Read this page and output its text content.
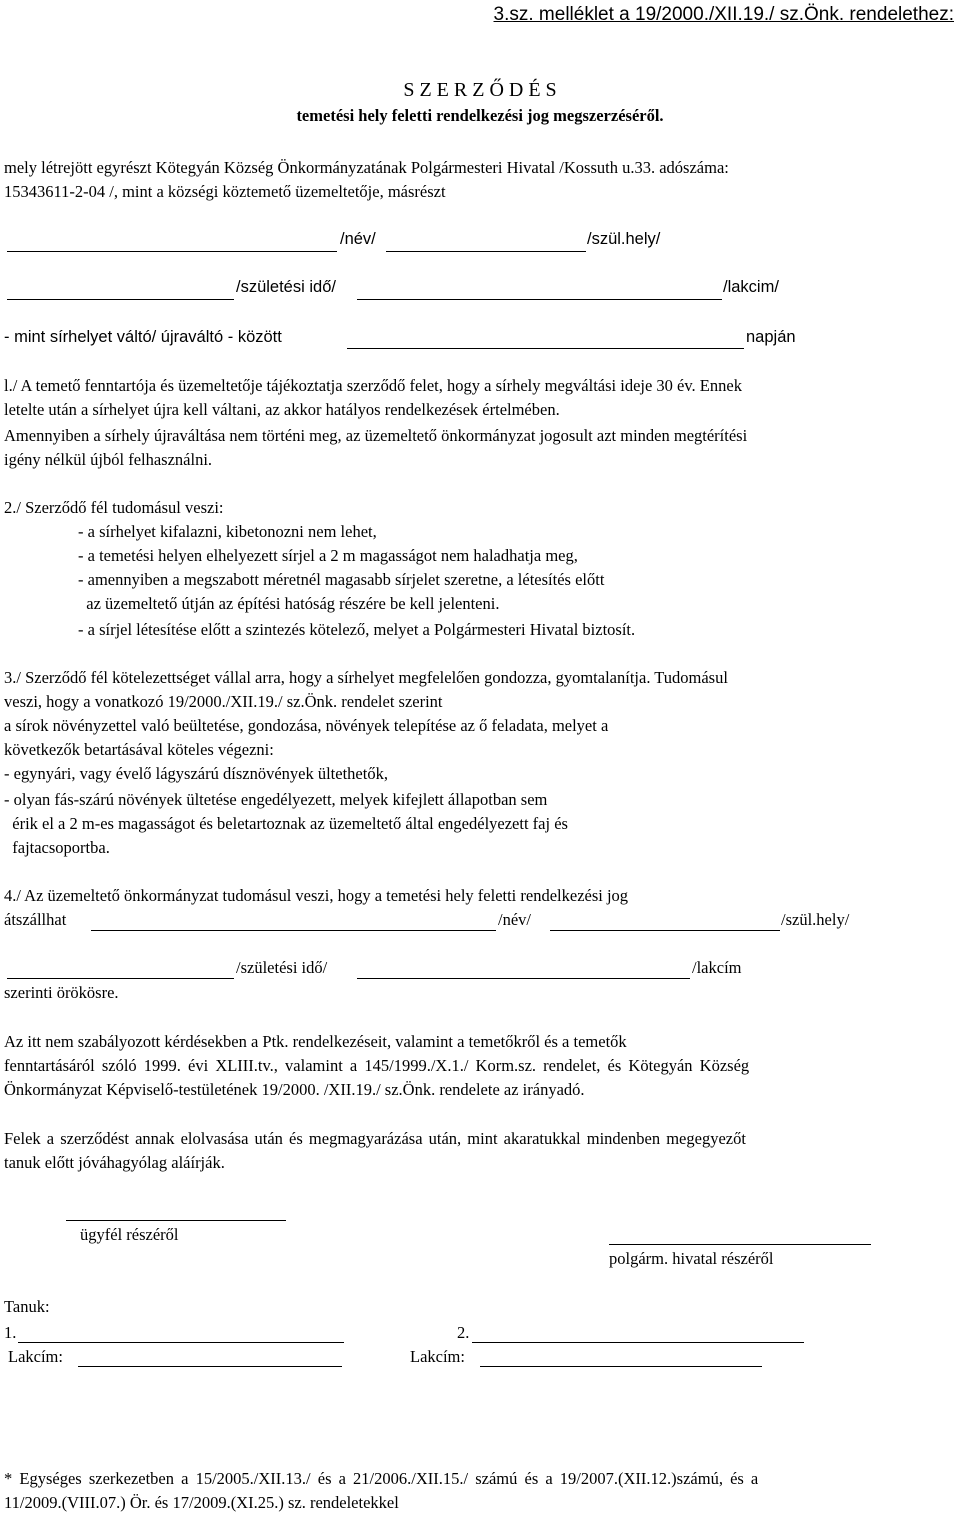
3.sz. melléklet a 19/2000./XII.19./ sz.Önk. rendelethez:
S Z E R Z Ő D É S
temetési hely feletti rendelkezési jog megszerzéséről.
mely létrejött egyrészt Kötegyán Község Önkormányzatának Polgármesteri Hivatal /Kossuth u.33. adószáma:
15343611-2-04 /, mint a községi köztemető üzemeltetője, másrészt
/név/	/szül.hely/
/születési idő/	/lakcim/
- mint sírhelyet váltó/ újraváltó - között	napján
l./ A temető fenntartója és üzemeltetője tájékoztatja szerződő felet, hogy a sírhely megváltási ideje 30 év. Ennek
letelte után a sírhelyet újra kell váltani, az akkor hatályos rendelkezések értelmében.
Amennyiben a sírhely újraváltása nem történi meg, az üzemeltető önkormányzat jogosult azt minden megtérítési
igény nélkül újból felhasználni.
2./ Szerződő fél tudomásul veszi:
- a sírhelyet kifalazni, kibetonozni nem lehet,
- a temetési helyen elhelyezett sírjel a 2 m magasságot nem haladhatja meg,
- amennyiben a megszabott méretnél magasabb sírjelet szeretne, a létesítés előtt
az üzemeltető útján az építési hatóság részére be kell jelenteni.
- a sírjel létesítése előtt a szintezés kötelező, melyet a Polgármesteri Hivatal biztosít.
3./ Szerződő fél kötelezettséget vállal arra, hogy a sírhelyet megfelelően gondozza, gyomtalanítja. Tudomásul
veszi, hogy a vonatkozó 19/2000./XII.19./ sz.Önk. rendelet szerint
a sírok növényzettel való beültetése, gondozása, növények telepítése az ő feladata, melyet a
következők betartásával köteles végezni:
- egynyári, vagy évelő lágyszárú dísznövények ültethetők,
- olyan fás-szárú növények ültetése engedélyezett, melyek kifejlett állapotban sem
érik el a 2 m-es magasságot és beletartoznak az üzemeltető által engedélyezett faj és
fajtacsoportba.
4./ Az üzemeltető önkormányzat tudomásul veszi, hogy a temetési hely feletti rendelkezési jog
átszállhat	/név/	/szül.hely/
/születési idő/	/lakcím
szerinti örökösre.
Az itt nem szabályozott kérdésekben a Ptk. rendelkezéseit, valamint a temetőkről és a temetők
fenntartásáról szóló 1999. évi XLIII.tv., valamint a 145/1999./X.1./ Korm.sz. rendelet, és Kötegyán Község
Önkormányzat Képviselő-testületének 19/2000. /XII.19./ sz.Önk. rendelete az irányadó.
Felek a szerződést annak elolvasása után és megmagyarázása után, mint akaratukkal mindenben megegyezőt
tanuk előtt jóváhagyólag aláírják.
ügyfél részéről
polgárm. hivatal részéről
Tanuk:
1.	2.
Lakcím:	Lakcím:
* Egységes szerkezetben a 15/2005./XII.13./ és a 21/2006./XII.15./ számú és a 19/2007.(XII.12.)számú, és a
11/2009.(VIII.07.) Ör. és 17/2009.(XI.25.) sz. rendeletekkel
